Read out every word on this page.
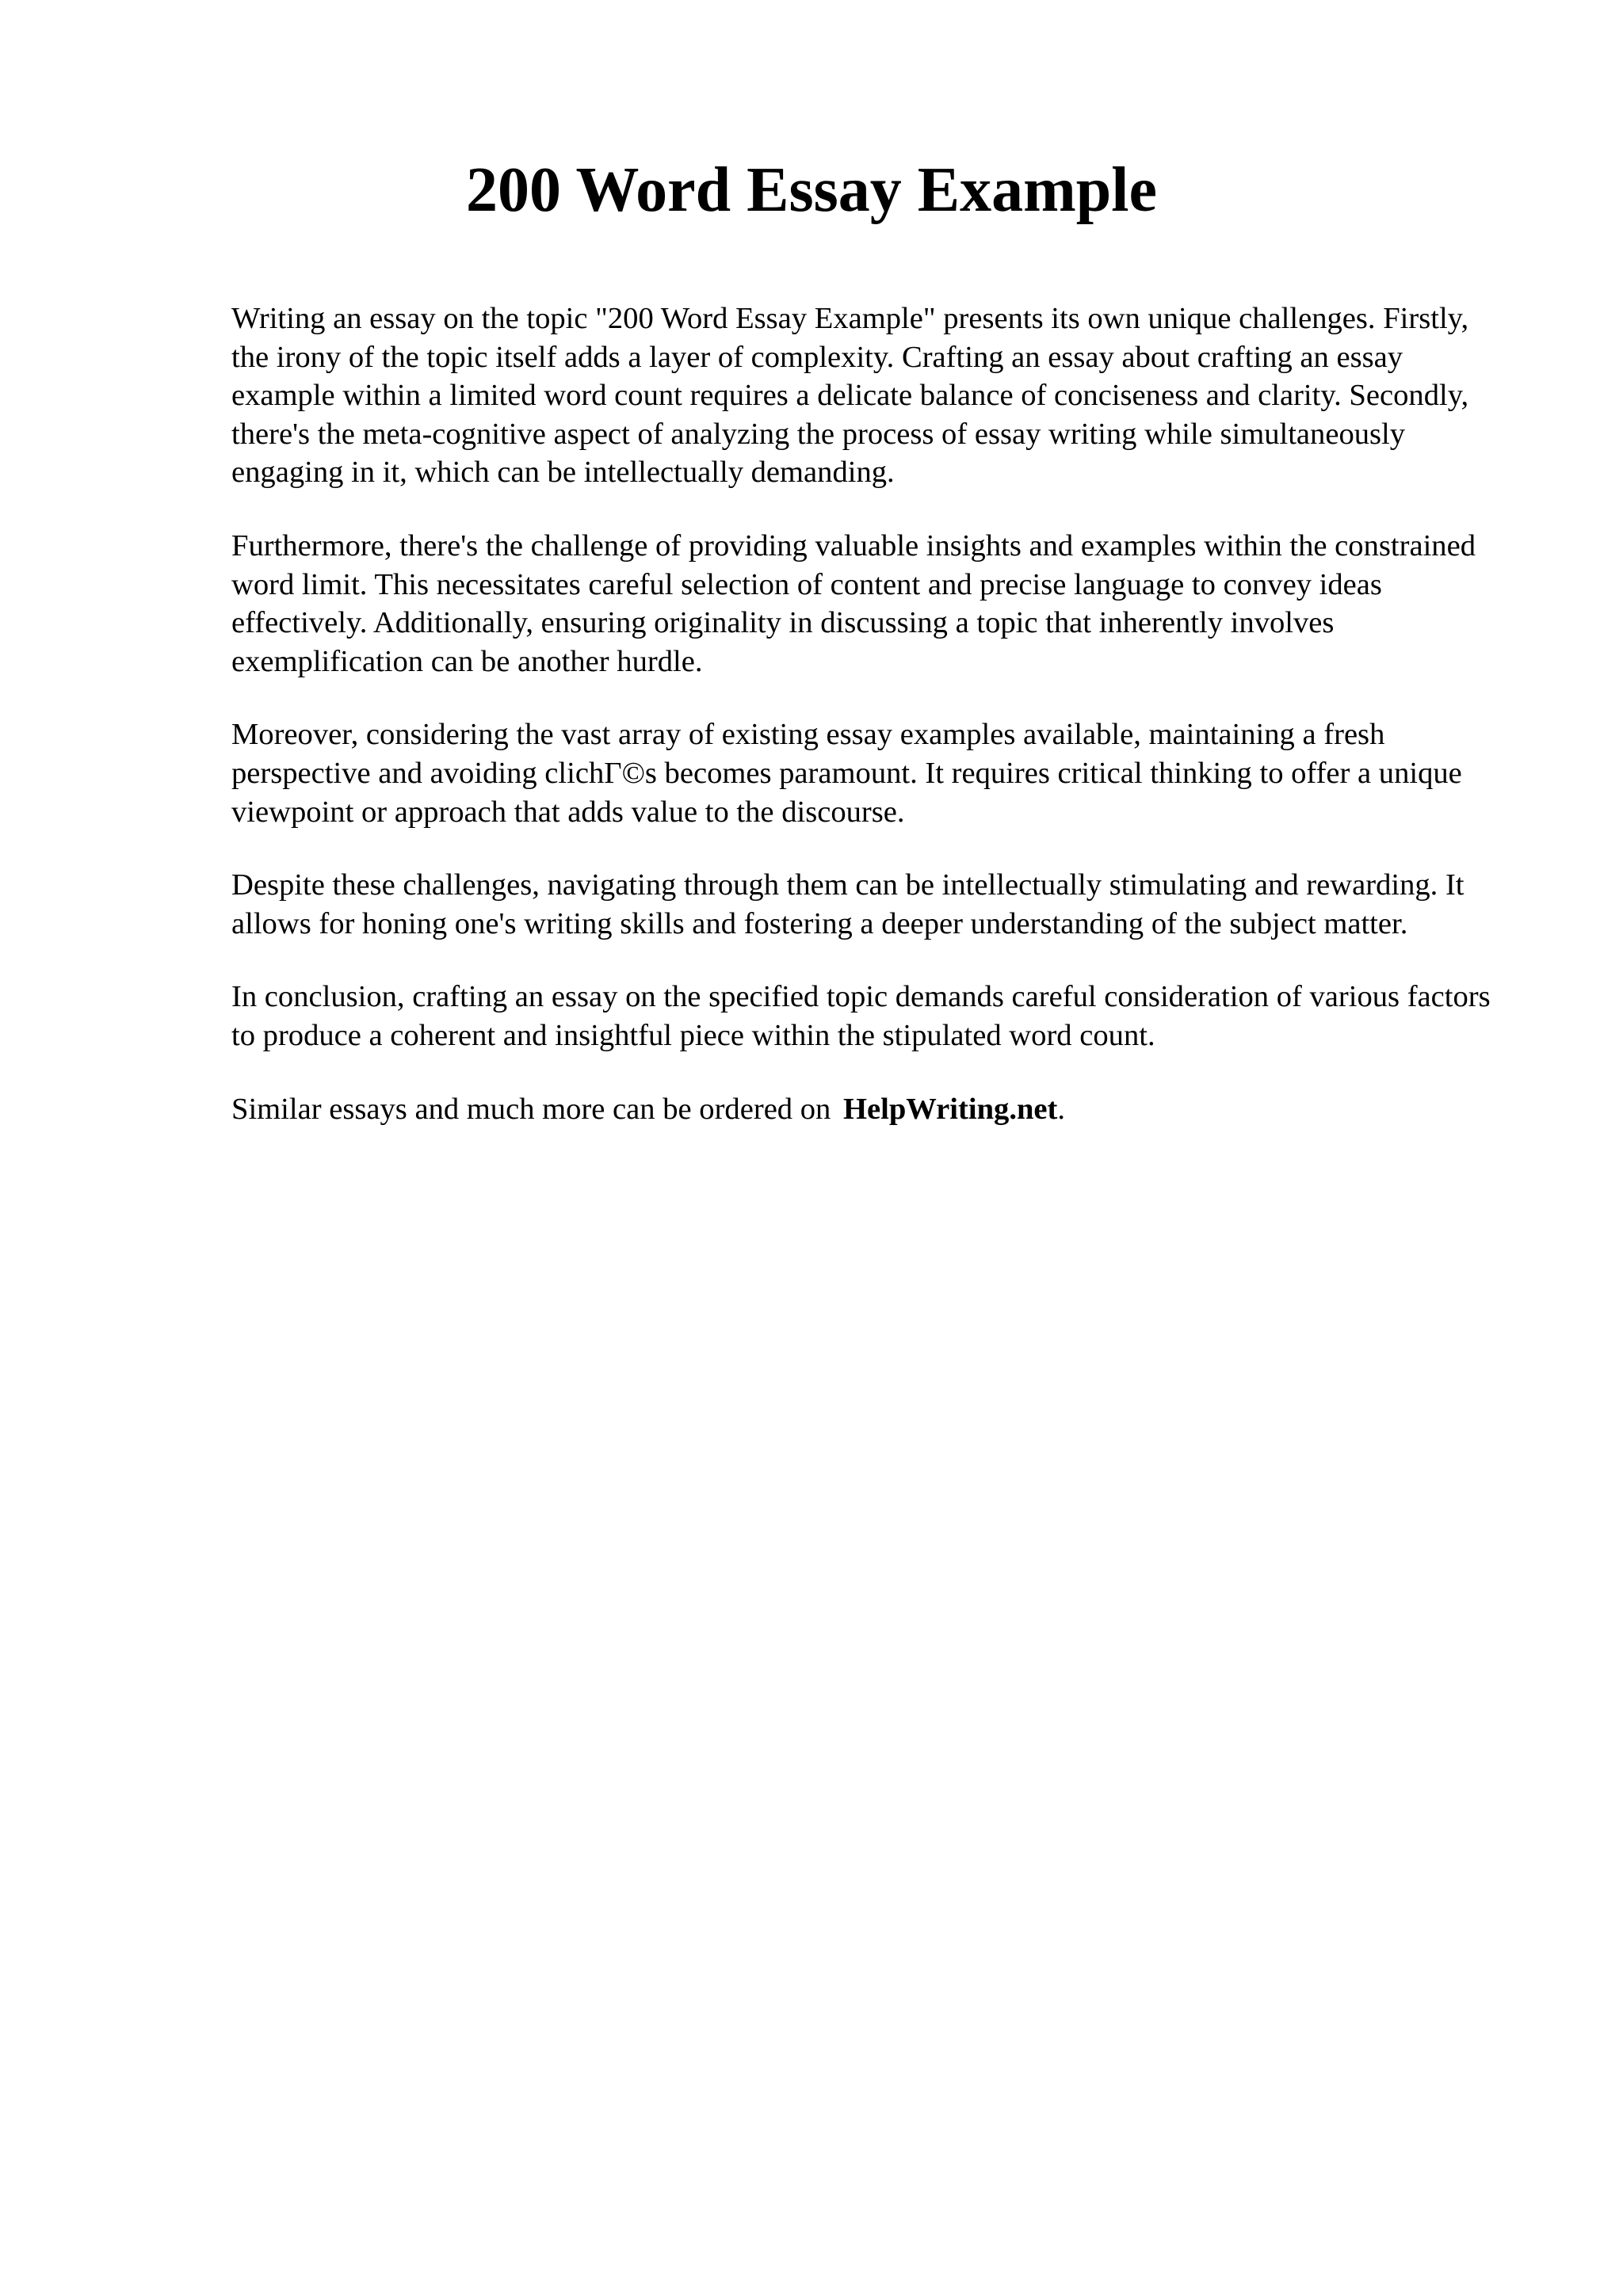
200 Word Essay Example

Writing an essay on the topic "200 Word Essay Example" presents its own unique challenges. Firstly, the irony of the topic itself adds a layer of complexity. Crafting an essay about crafting an essay example within a limited word count requires a delicate balance of conciseness and clarity. Secondly, there's the meta-cognitive aspect of analyzing the process of essay writing while simultaneously engaging in it, which can be intellectually demanding.

Furthermore, there's the challenge of providing valuable insights and examples within the constrained word limit. This necessitates careful selection of content and precise language to convey ideas effectively. Additionally, ensuring originality in discussing a topic that inherently involves exemplification can be another hurdle.

Moreover, considering the vast array of existing essay examples available, maintaining a fresh perspective and avoiding clichΓ©s becomes paramount. It requires critical thinking to offer a unique viewpoint or approach that adds value to the discourse.

Despite these challenges, navigating through them can be intellectually stimulating and rewarding. It allows for honing one's writing skills and fostering a deeper understanding of the subject matter.

In conclusion, crafting an essay on the specified topic demands careful consideration of various factors to produce a coherent and insightful piece within the stipulated word count.

Similar essays and much more can be ordered on HelpWriting.net.
